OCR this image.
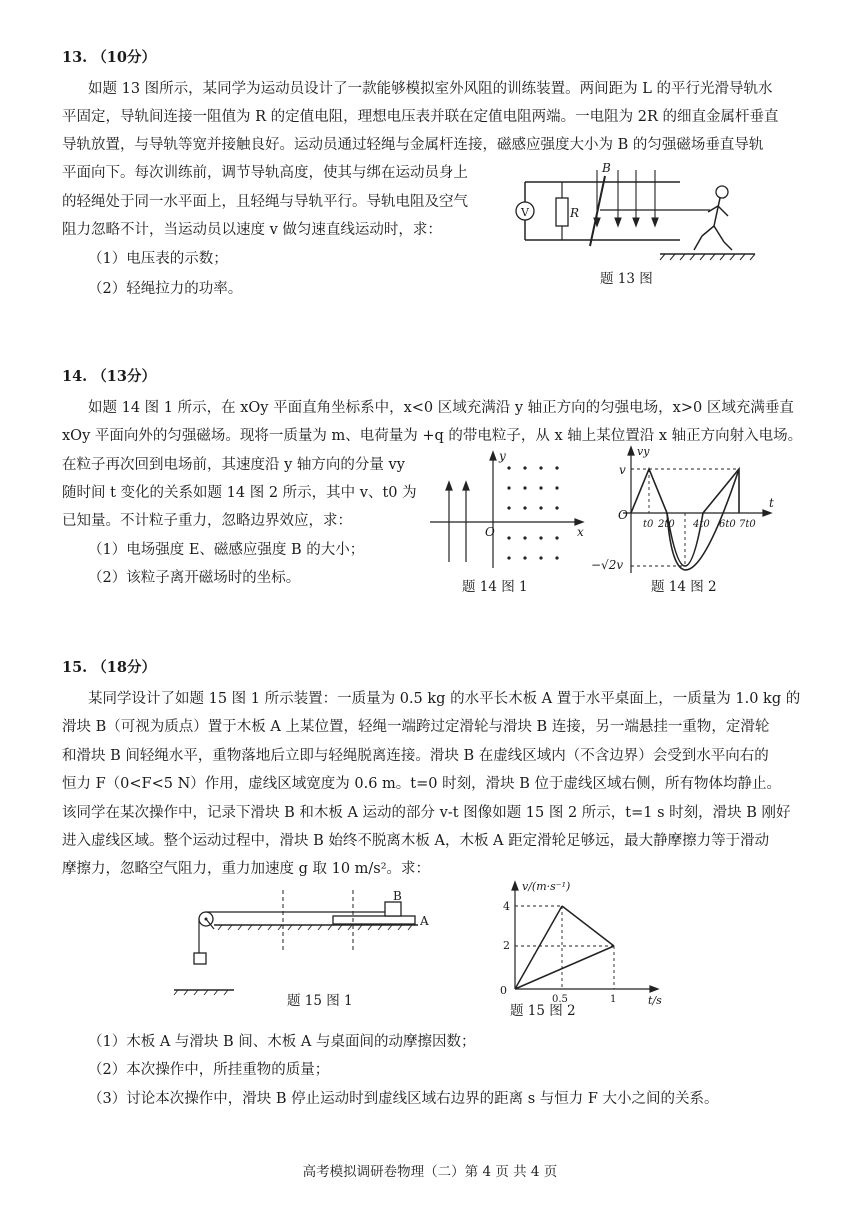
13. （10分）
如题 13 图所示，某同学为运动员设计了一款能够模拟室外风阻的训练装置。两间距为 L 的平行光滑导轨水
平固定，导轨间连接一阻值为 R 的定值电阻，理想电压表并联在定值电阻两端。一电阻为 2R 的细直金属杆垂直
导轨放置，与导轨等宽并接触良好。运动员通过轻绳与金属杆连接，磁感应强度大小为 B 的匀强磁场垂直导轨
平面向下。每次训练前，调节导轨高度，使其与绑在运动员身上
的轻绳处于同一水平面上，且轻绳与导轨平行。导轨电阻及空气
阻力忽略不计，当运动员以速度 v 做匀速直线运动时，求：
（1）电压表的示数；
（2）轻绳拉力的功率。
V	R
B
题 13 图
14. （13分）
如题 14 图 1 所示，在 xOy 平面直角坐标系中，x<0 区域充满沿 y 轴正方向的匀强电场，x>0 区域充满垂直
xOy 平面向外的匀强磁场。现将一质量为 m、电荷量为 +q 的带电粒子，从 x 轴上某位置沿 x 轴正方向射入电场。
在粒子再次回到电场前，其速度沿 y 轴方向的分量 vy
随时间 t 变化的关系如题 14 图 2 所示，其中 v、t0 为
已知量。不计粒子重力，忽略边界效应，求：
（1）电场强度 E、磁感应强度 B 的大小；
（2）该粒子离开磁场时的坐标。
O	x
y
题 14 图 1
vy
t
O
v
−√2v
t0 2t0 4t0 6t0 7t0
题 14 图 2
15. （18分）
某同学设计了如题 15 图 1 所示装置：一质量为 0.5 kg 的水平长木板 A 置于水平桌面上，一质量为 1.0 kg 的
滑块 B（可视为质点）置于木板 A 上某位置，轻绳一端跨过定滑轮与滑块 B 连接，另一端悬挂一重物，定滑轮
和滑块 B 间轻绳水平，重物落地后立即与轻绳脱离连接。滑块 B 在虚线区域内（不含边界）会受到水平向右的
恒力 F（0<F<5 N）作用，虚线区域宽度为 0.6 m。t=0 时刻，滑块 B 位于虚线区域右侧，所有物体均静止。
该同学在某次操作中，记录下滑块 B 和木板 A 运动的部分 v-t 图像如题 15 图 2 所示，t=1 s 时刻，滑块 B 刚好
进入虚线区域。整个运动过程中，滑块 B 始终不脱离木板 A，木板 A 距定滑轮足够远，最大静摩擦力等于滑动
摩擦力，忽略空气阻力，重力加速度 g 取 10 m/s²。求：
B
A
题 15 图 1
v/(m·s⁻¹)
t/s
4
2
0
0.5	1
题 15 图 2
（1）木板 A 与滑块 B 间、木板 A 与桌面间的动摩擦因数；
（2）本次操作中，所挂重物的质量；
（3）讨论本次操作中，滑块 B 停止运动时到虚线区域右边界的距离 s 与恒力 F 大小之间的关系。
高考模拟调研卷物理（二）第 4 页 共 4 页
